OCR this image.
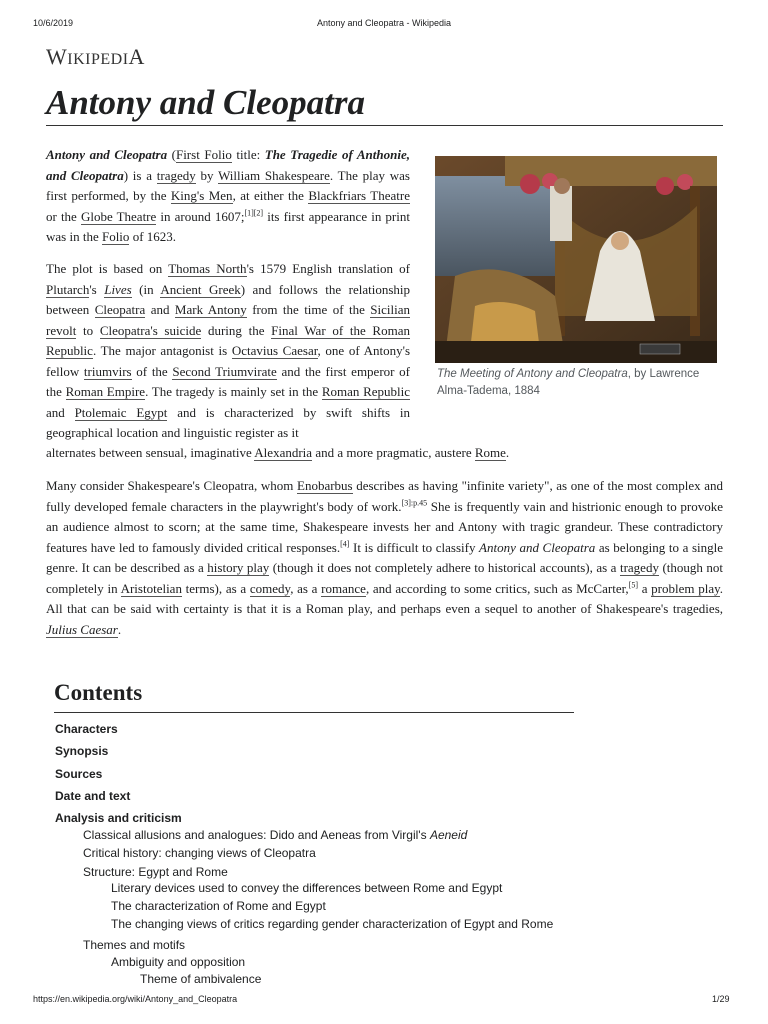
10/6/2019	Antony and Cleopatra - Wikipedia
WIKIPEDIA
Antony and Cleopatra

Antony and Cleopatra (First Folio title: The Tragedie of Anthonie, and Cleopatra) is a tragedy by William Shakespeare. The play was first performed, by the King's Men, at either the Blackfriars Theatre or the Globe Theatre in around 1607;[1][2] its first appearance in print was in the Folio of 1623.

The plot is based on Thomas North's 1579 English translation of Plutarch's Lives (in Ancient Greek) and follows the relationship between Cleopatra and Mark Antony from the time of the Sicilian revolt to Cleopatra's suicide during the Final War of the Roman Republic. The major antagonist is Octavius Caesar, one of Antony's fellow triumvirs of the Second Triumvirate and the first emperor of the Roman Empire. The tragedy is mainly set in the Roman Republic and Ptolemaic Egypt and is characterized by swift shifts in geographical location and linguistic register as it

alternates between sensual, imaginative Alexandria and a more pragmatic, austere Rome.

Many consider Shakespeare's Cleopatra, whom Enobarbus describes as having "infinite variety", as one of the most complex and fully developed female characters in the playwright's body of work.$^{[3]:p.45}$ She is frequently vain and histrionic enough to provoke an audience almost to scorn; at the same time, Shakespeare invests her and Antony with tragic grandeur. These contradictory features have led to famously divided critical responses.[4] It is difficult to classify Antony and Cleopatra as belonging to a single genre. It can be described as a history play (though it does not completely adhere to historical accounts), as a tragedy (though not completely in Aristotelian terms), as a comedy, as a romance, and according to some critics, such as McCarter,[5] a problem play. All that can be said with certainty is that it is a Roman play, and perhaps even a sequel to another of Shakespeare's tragedies, Julius Caesar.

The Meeting of Antony and Cleopatra, by Lawrence Alma-Tadema, 1884
Contents
Characters
Synopsis
Sources
Date and text
Analysis and criticism
Classical allusions and analogues: Dido and Aeneas from Virgil's Aeneid
Critical history: changing views of Cleopatra
Structure: Egypt and Rome
Literary devices used to convey the differences between Rome and Egypt
The characterization of Rome and Egypt
The changing views of critics regarding gender characterization of Egypt and Rome
Themes and motifs
Ambiguity and opposition
Theme of ambivalence
https://en.wikipedia.org/wiki/Antony_and_Cleopatra	1/29
